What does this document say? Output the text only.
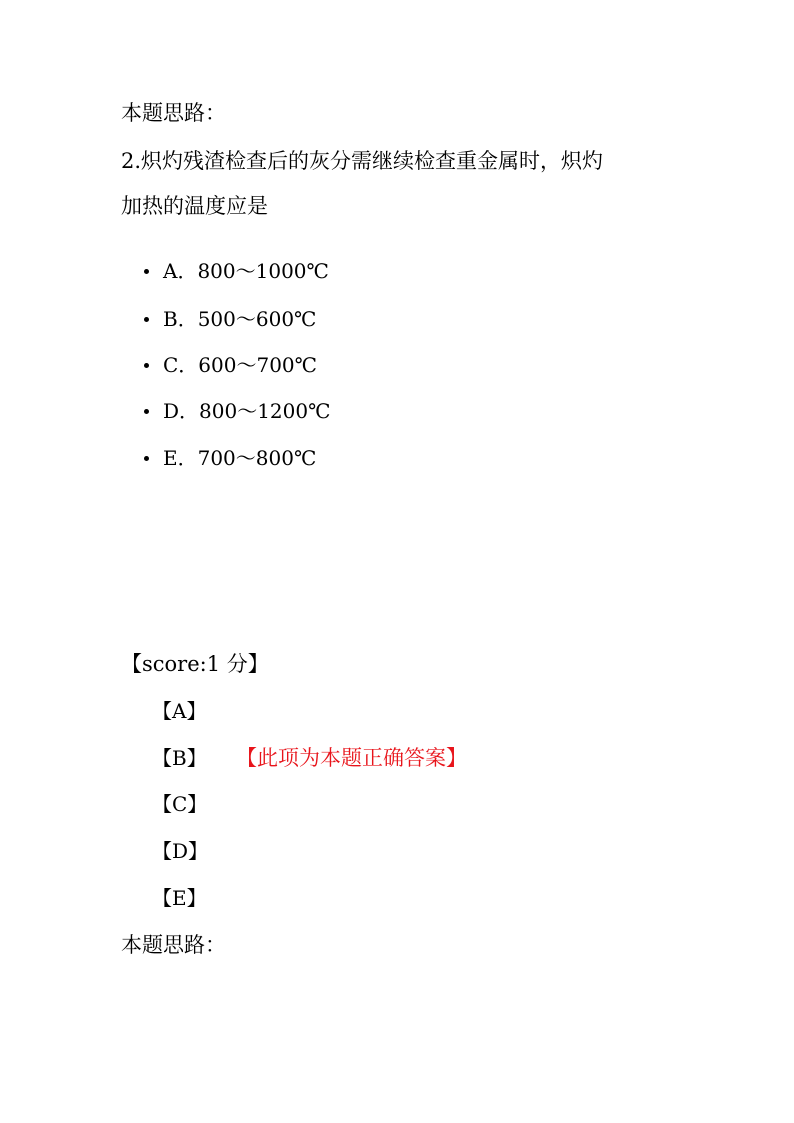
本题思路：
2.炽灼残渣检查后的灰分需继续检查重金属时，炽灼
加热的温度应是
A．800～1000℃
B．500～600℃
C．600～700℃
D．800～1200℃
E．700～800℃
【score:1 分】
【A】
【B】 【此项为本题正确答案】
【C】
【D】
【E】
本题思路：
